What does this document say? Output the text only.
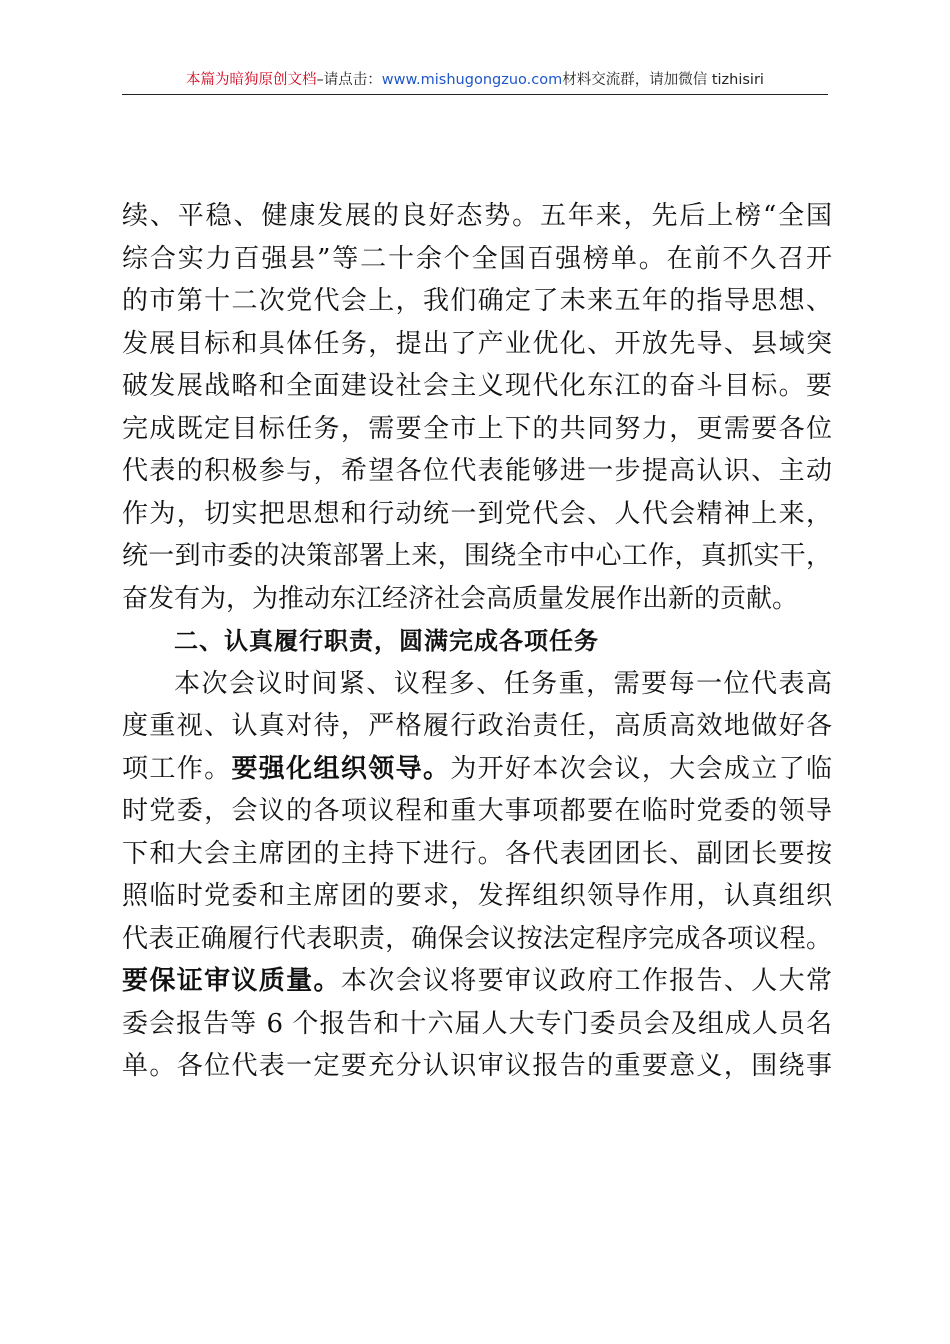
本篇为暗狗原创文档–请点击：www.mishugongzuo.com材料交流群，请加微信 tizhisiri
续、平稳、健康发展的良好态势。五年来，先后上榜“全国
综合实力百强县”等二十余个全国百强榜单。在前不久召开
的市第十二次党代会上，我们确定了未来五年的指导思想、
发展目标和具体任务，提出了产业优化、开放先导、县域突
破发展战略和全面建设社会主义现代化东江的奋斗目标。要
完成既定目标任务，需要全市上下的共同努力，更需要各位
代表的积极参与，希望各位代表能够进一步提高认识、主动
作为，切实把思想和行动统一到党代会、人代会精神上来，
统一到市委的决策部署上来，围绕全市中心工作，真抓实干，
奋发有为，为推动东江经济社会高质量发展作出新的贡献。
二、认真履行职责，圆满完成各项任务
本次会议时间紧、议程多、任务重，需要每一位代表高
度重视、认真对待，严格履行政治责任，高质高效地做好各
项工作。要强化组织领导。为开好本次会议，大会成立了临
时党委，会议的各项议程和重大事项都要在临时党委的领导
下和大会主席团的主持下进行。各代表团团长、副团长要按
照临时党委和主席团的要求，发挥组织领导作用，认真组织
代表正确履行代表职责，确保会议按法定程序完成各项议程。
要保证审议质量。本次会议将要审议政府工作报告、人大常
委会报告等 6 个报告和十六届人大专门委员会及组成人员名
单。各位代表一定要充分认识审议报告的重要意义，围绕事
